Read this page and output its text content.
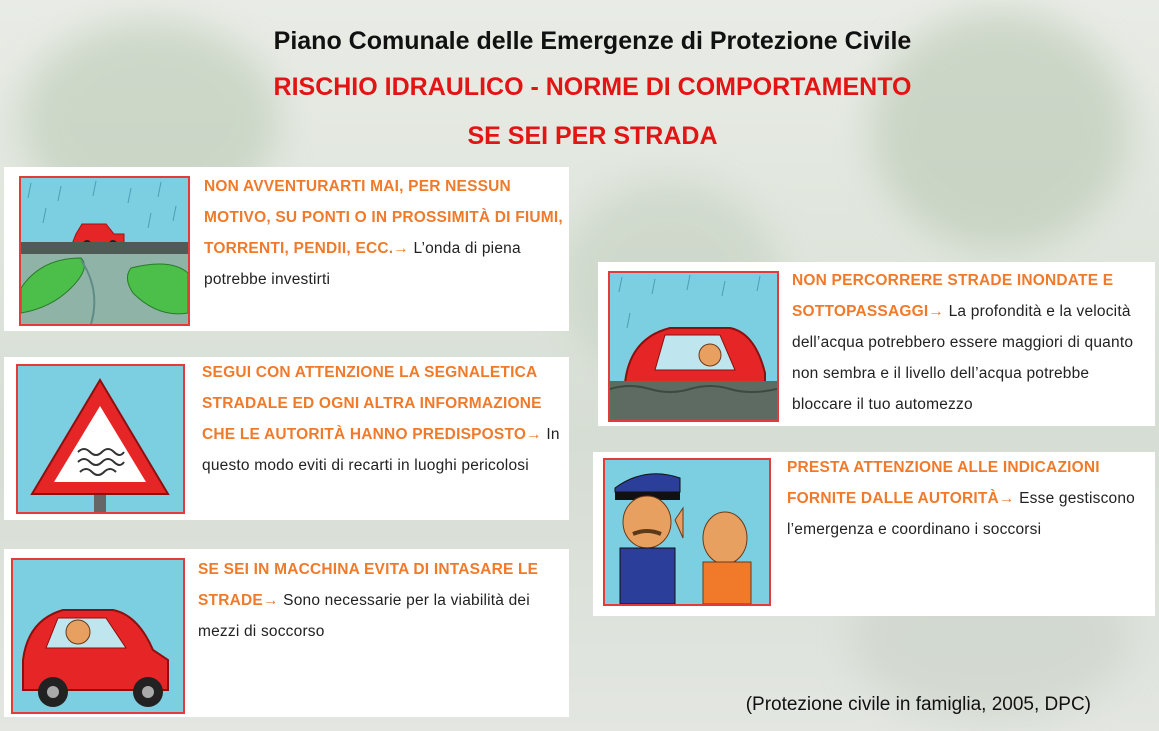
Piano Comunale delle Emergenze di Protezione Civile
RISCHIO IDRAULICO - NORME DI COMPORTAMENTO
SE SEI PER STRADA
NON AVVENTURARTI MAI, PER NESSUN MOTIVO, SU PONTI O IN PROSSIMITÀ DI FIUMI, TORRENTI, PENDII, ECC.→ L’onda di piena potrebbe investirti
SEGUI CON ATTENZIONE LA SEGNALETICA STRADALE ED OGNI ALTRA INFORMAZIONE CHE LE AUTORITÀ HANNO PREDISPOSTO→ In questo modo eviti di recarti in luoghi pericolosi
SE SEI IN MACCHINA EVITA DI INTASARE LE STRADE→ Sono necessarie per la viabilità dei mezzi di soccorso
NON PERCORRERE STRADE INONDATE E SOTTOPASSAGGI→ La profondità e la velocità dell’acqua potrebbero essere maggiori di quanto non sembra e il livello dell’acqua potrebbe bloccare il tuo automezzo
PRESTA ATTENZIONE ALLE INDICAZIONI FORNITE DALLE AUTORITÀ→ Esse gestiscono l’emergenza e coordinano i soccorsi
(Protezione civile in famiglia, 2005, DPC)
